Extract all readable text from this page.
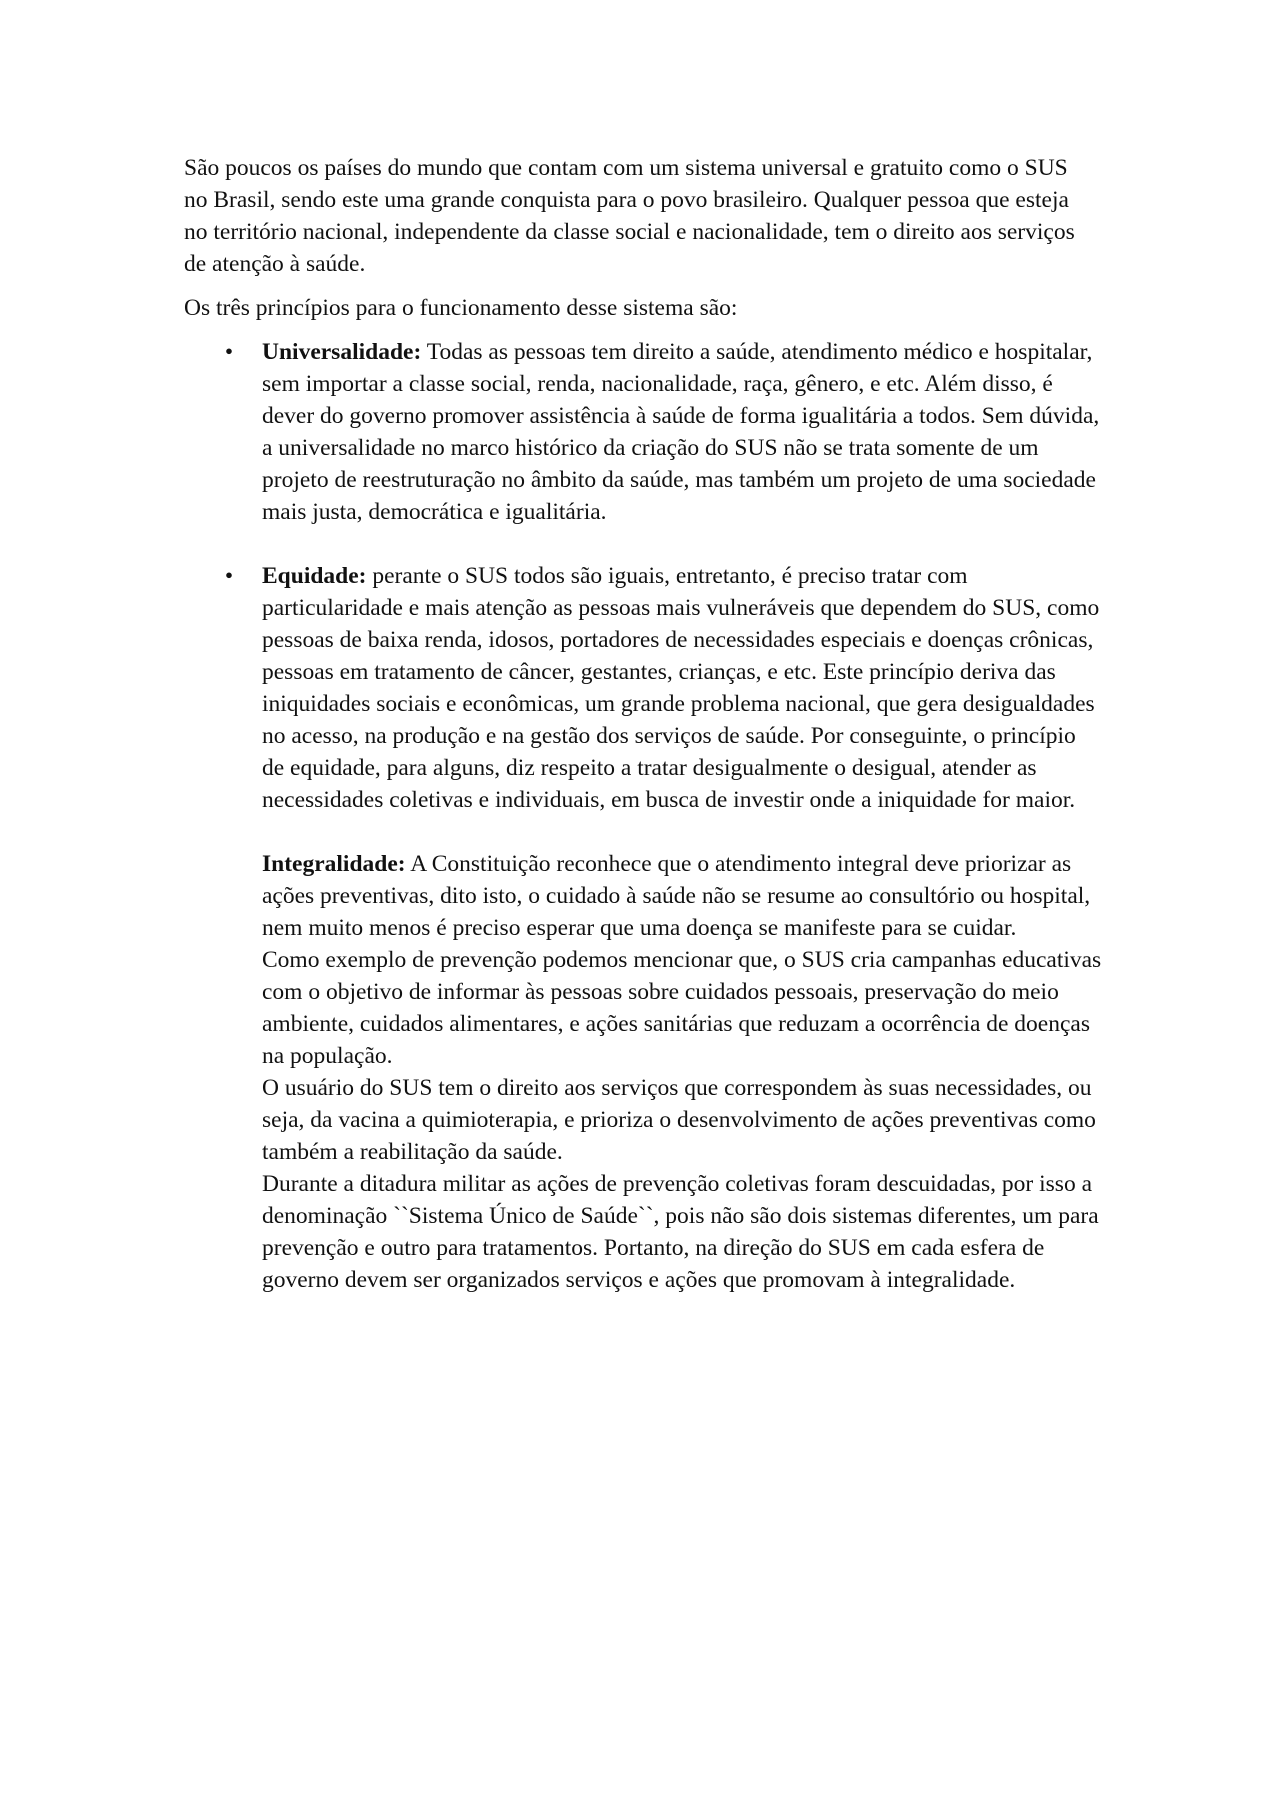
São poucos os países do mundo que contam com um sistema universal e gratuito como o SUS no Brasil, sendo este uma grande conquista para o povo brasileiro. Qualquer pessoa que esteja no território nacional, independente da classe social e nacionalidade, tem o direito aos serviços de atenção à saúde.

Os três princípios para o funcionamento desse sistema são:

• Universalidade: Todas as pessoas tem direito a saúde, atendimento médico e hospitalar, sem importar a classe social, renda, nacionalidade, raça, gênero, e etc. Além disso, é dever do governo promover assistência à saúde de forma igualitária a todos. Sem dúvida, a universalidade no marco histórico da criação do SUS não se trata somente de um projeto de reestruturação no âmbito da saúde, mas também um projeto de uma sociedade mais justa, democrática e igualitária.

• Equidade: perante o SUS todos são iguais, entretanto, é preciso tratar com particularidade e mais atenção as pessoas mais vulneráveis que dependem do SUS, como pessoas de baixa renda, idosos, portadores de necessidades especiais e doenças crônicas, pessoas em tratamento de câncer, gestantes, crianças, e etc. Este princípio deriva das iniquidades sociais e econômicas, um grande problema nacional, que gera desigualdades no acesso, na produção e na gestão dos serviços de saúde. Por conseguinte, o princípio de equidade, para alguns, diz respeito a tratar desigualmente o desigual, atender as necessidades coletivas e individuais, em busca de investir onde a iniquidade for maior.

Integralidade: A Constituição reconhece que o atendimento integral deve priorizar as ações preventivas, dito isto, o cuidado à saúde não se resume ao consultório ou hospital, nem muito menos é preciso esperar que uma doença se manifeste para se cuidar.

Como exemplo de prevenção podemos mencionar que, o SUS cria campanhas educativas com o objetivo de informar às pessoas sobre cuidados pessoais, preservação do meio ambiente, cuidados alimentares, e ações sanitárias que reduzam a ocorrência de doenças na população.

O usuário do SUS tem o direito aos serviços que correspondem às suas necessidades, ou seja, da vacina a quimioterapia, e prioriza o desenvolvimento de ações preventivas como também a reabilitação da saúde.

Durante a ditadura militar as ações de prevenção coletivas foram descuidadas, por isso a denominação ``Sistema Único de Saúde``, pois não são dois sistemas diferentes, um para prevenção e outro para tratamentos. Portanto, na direção do SUS em cada esfera de governo devem ser organizados serviços e ações que promovam à integralidade.
